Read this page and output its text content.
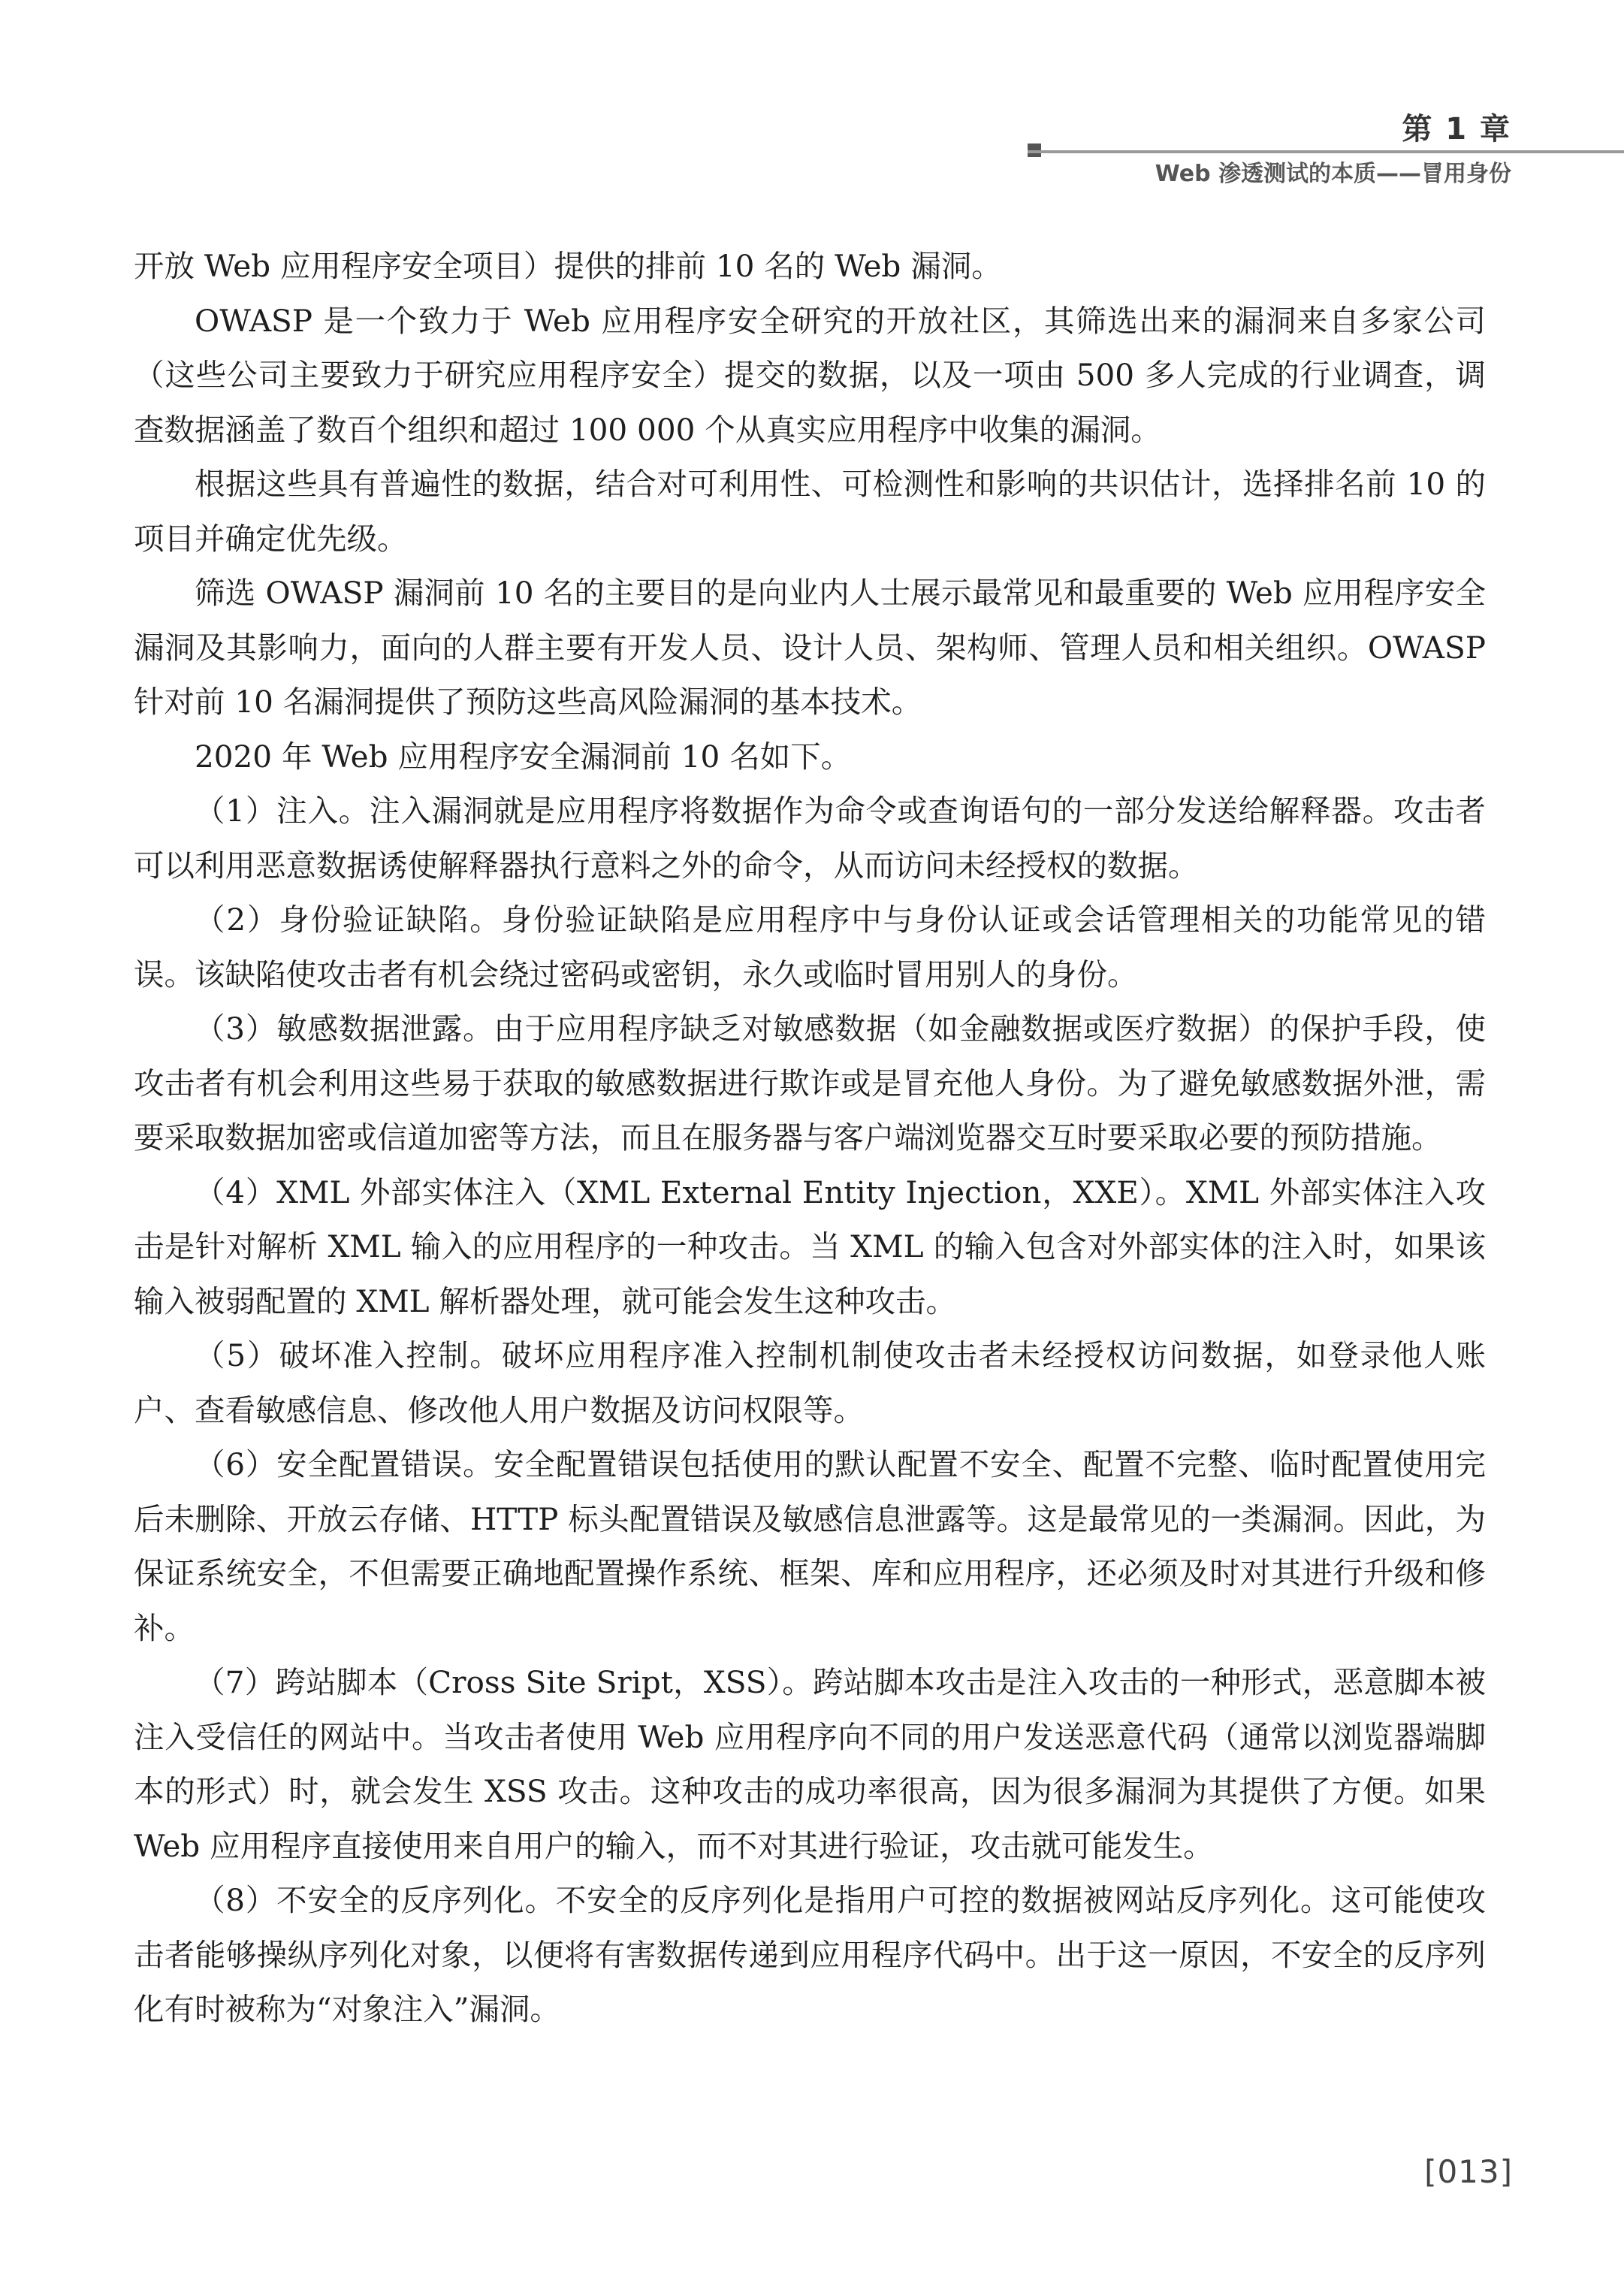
第 1 章
Web 渗透测试的本质——冒用身份

开放 Web 应用程序安全项目）提供的排前 10 名的 Web 漏洞。

OWASP 是一个致力于 Web 应用程序安全研究的开放社区，其筛选出来的漏洞来自多家公司（这些公司主要致力于研究应用程序安全）提交的数据，以及一项由 500 多人完成的行业调查，调查数据涵盖了数百个组织和超过 100 000 个从真实应用程序中收集的漏洞。

根据这些具有普遍性的数据，结合对可利用性、可检测性和影响的共识估计，选择排名前 10 的项目并确定优先级。

筛选 OWASP 漏洞前 10 名的主要目的是向业内人士展示最常见和最重要的 Web 应用程序安全漏洞及其影响力，面向的人群主要有开发人员、设计人员、架构师、管理人员和相关组织。OWASP 针对前 10 名漏洞提供了预防这些高风险漏洞的基本技术。

2020 年 Web 应用程序安全漏洞前 10 名如下。

（1）注入。注入漏洞就是应用程序将数据作为命令或查询语句的一部分发送给解释器。攻击者可以利用恶意数据诱使解释器执行意料之外的命令，从而访问未经授权的数据。

（2）身份验证缺陷。身份验证缺陷是应用程序中与身份认证或会话管理相关的功能常见的错误。该缺陷使攻击者有机会绕过密码或密钥，永久或临时冒用别人的身份。

（3）敏感数据泄露。由于应用程序缺乏对敏感数据（如金融数据或医疗数据）的保护手段，使攻击者有机会利用这些易于获取的敏感数据进行欺诈或是冒充他人身份。为了避免敏感数据外泄，需要采取数据加密或信道加密等方法，而且在服务器与客户端浏览器交互时要采取必要的预防措施。

（4）XML 外部实体注入（XML External Entity Injection，XXE）。XML 外部实体注入攻击是针对解析 XML 输入的应用程序的一种攻击。当 XML 的输入包含对外部实体的注入时，如果该输入被弱配置的 XML 解析器处理，就可能会发生这种攻击。

（5）破坏准入控制。破坏应用程序准入控制机制使攻击者未经授权访问数据，如登录他人账户、查看敏感信息、修改他人用户数据及访问权限等。

（6）安全配置错误。安全配置错误包括使用的默认配置不安全、配置不完整、临时配置使用完后未删除、开放云存储、HTTP 标头配置错误及敏感信息泄露等。这是最常见的一类漏洞。因此，为保证系统安全，不但需要正确地配置操作系统、框架、库和应用程序，还必须及时对其进行升级和修补。

（7）跨站脚本（Cross Site Sript，XSS）。跨站脚本攻击是注入攻击的一种形式，恶意脚本被注入受信任的网站中。当攻击者使用 Web 应用程序向不同的用户发送恶意代码（通常以浏览器端脚本的形式）时，就会发生 XSS 攻击。这种攻击的成功率很高，因为很多漏洞为其提供了方便。如果 Web 应用程序直接使用来自用户的输入，而不对其进行验证，攻击就可能发生。

（8）不安全的反序列化。不安全的反序列化是指用户可控的数据被网站反序列化。这可能使攻击者能够操纵序列化对象，以便将有害数据传递到应用程序代码中。出于这一原因，不安全的反序列化有时被称为“对象注入”漏洞。

[013]
